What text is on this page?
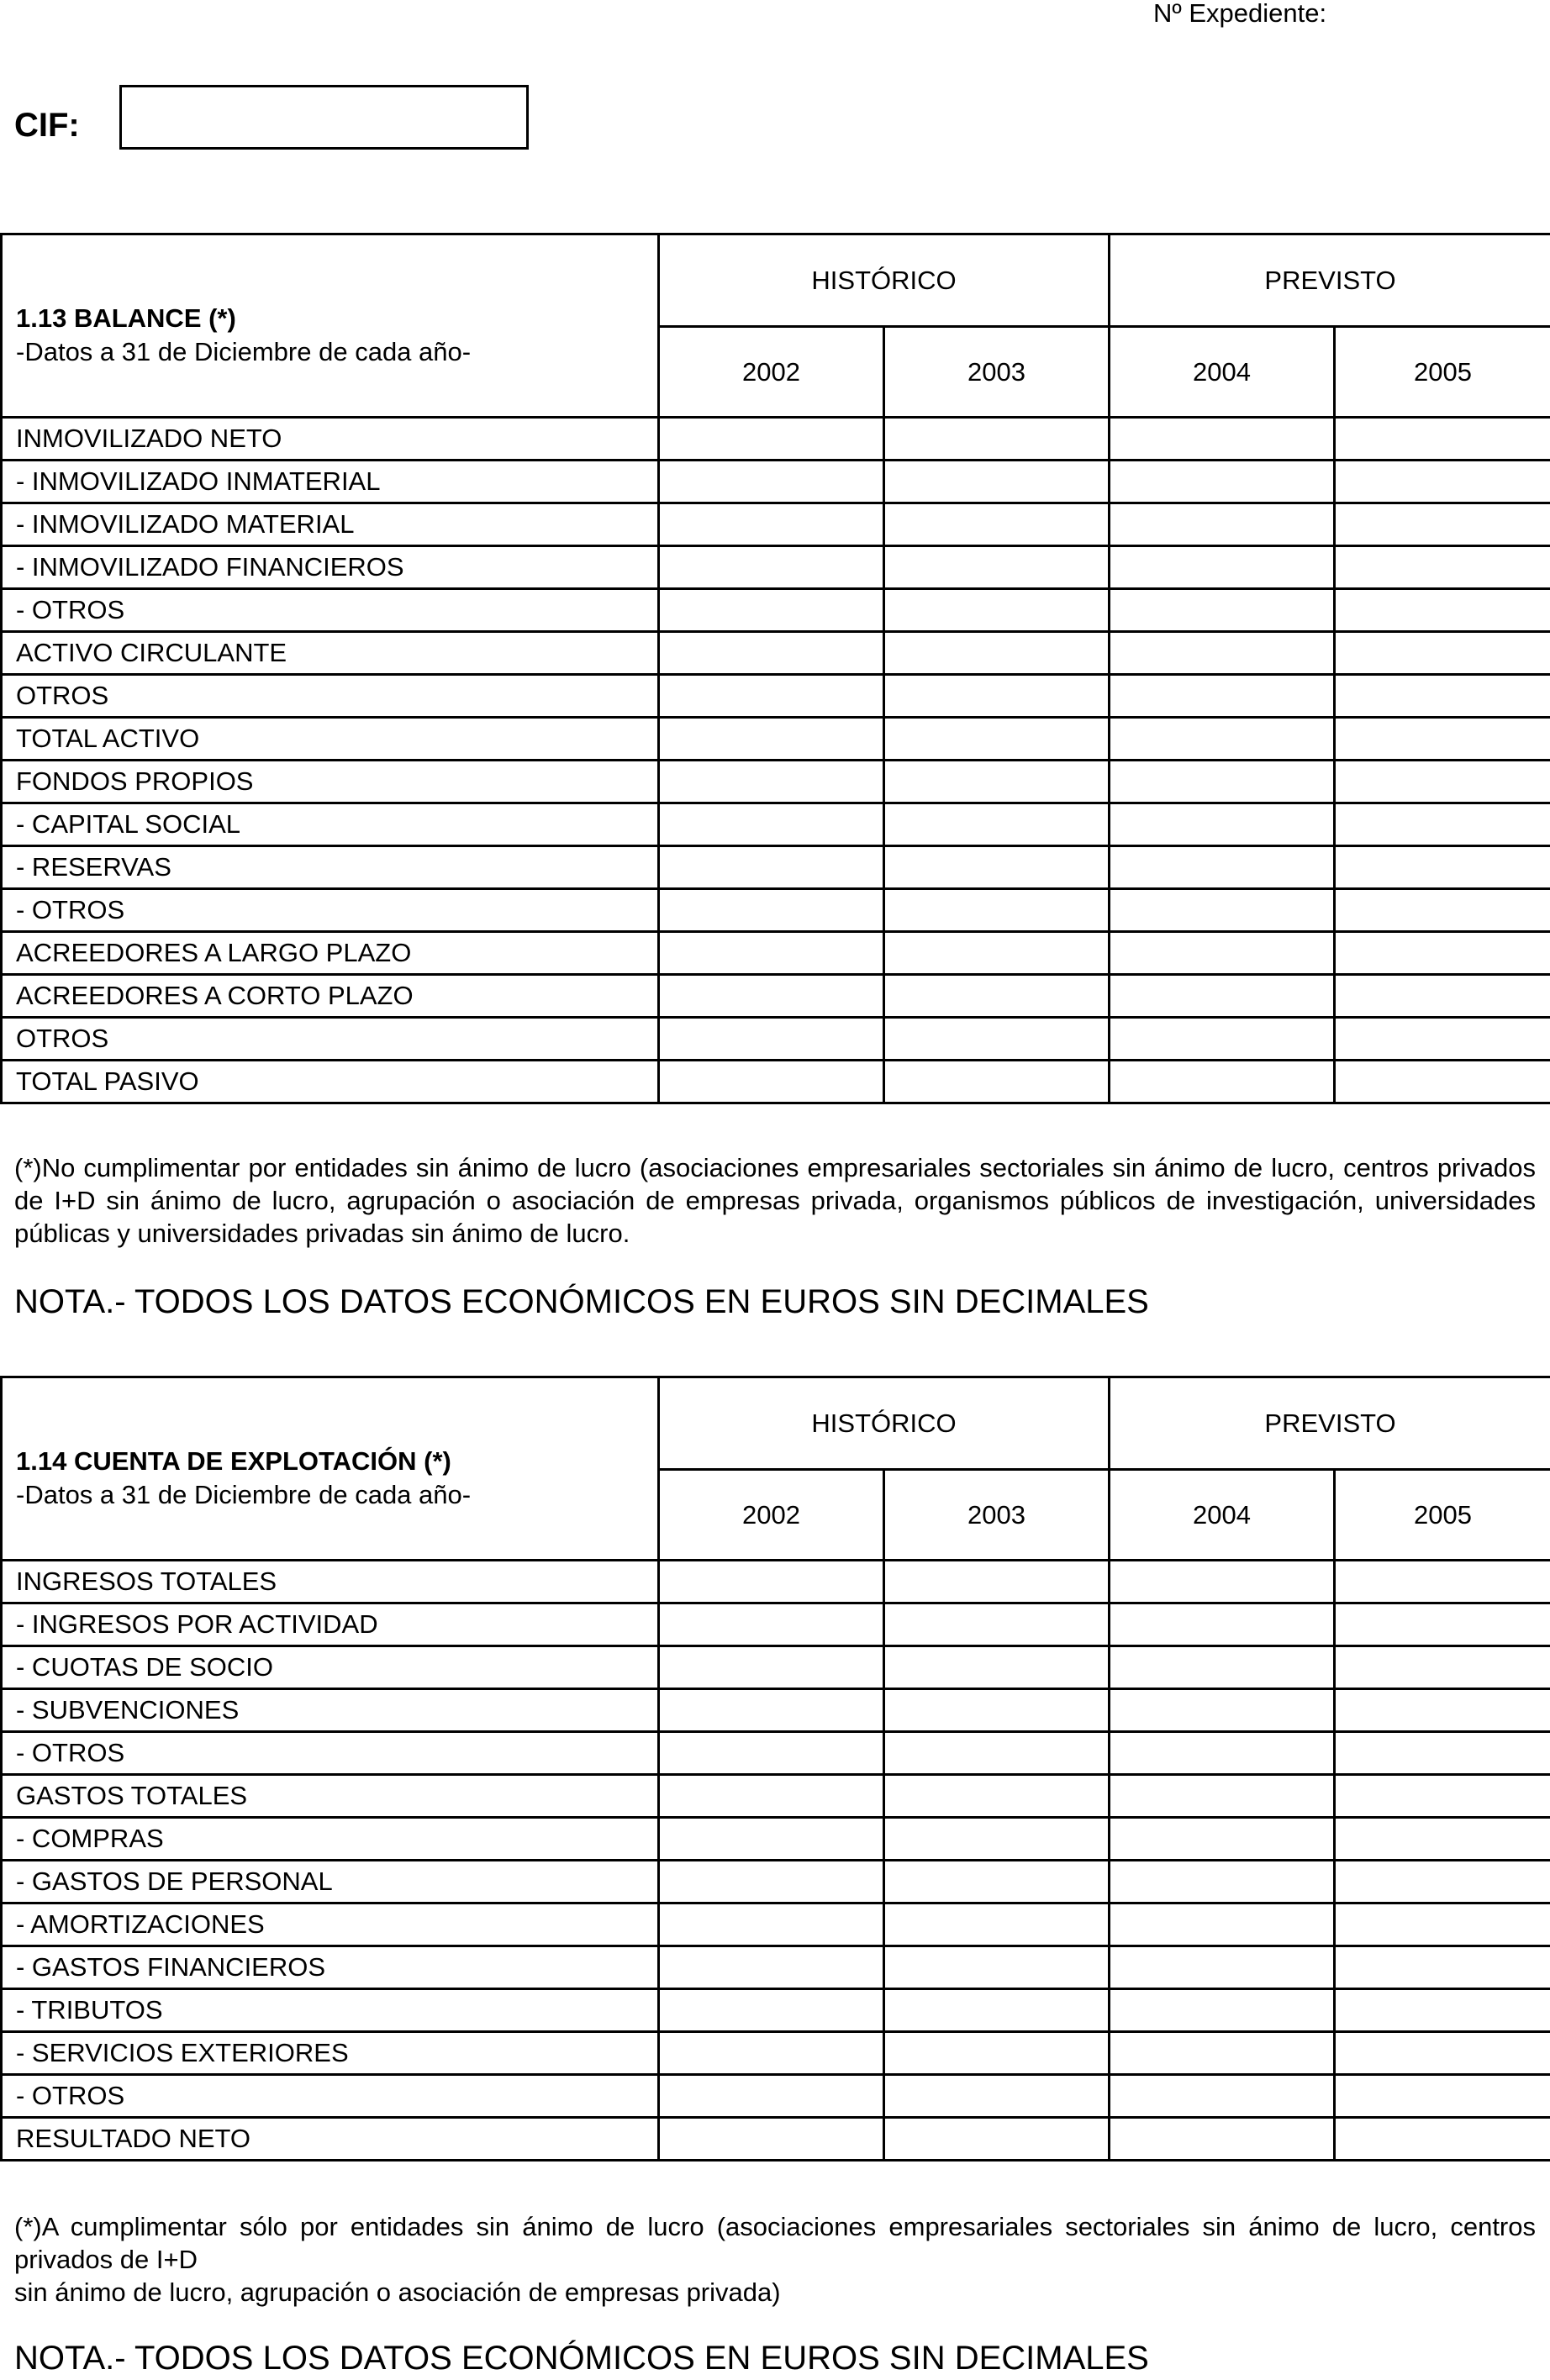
Nº Expediente:
CIF:
1.13 BALANCE (*)
-Datos a 31 de Diciembre de cada año-	HISTÓRICO		PREVISTO	
	2002	2003	2004	2005
INMOVILIZADO NETO				
- INMOVILIZADO INMATERIAL				
- INMOVILIZADO MATERIAL				
- INMOVILIZADO FINANCIEROS				
- OTROS				
ACTIVO CIRCULANTE				
OTROS				
TOTAL ACTIVO				
FONDOS PROPIOS				
- CAPITAL SOCIAL				
- RESERVAS				
- OTROS				
ACREEDORES A LARGO PLAZO				
ACREEDORES A CORTO PLAZO				
OTROS				
TOTAL PASIVO				
(*)No cumplimentar por entidades sin ánimo de lucro (asociaciones empresariales sectoriales sin ánimo de lucro, centros privados de I+D sin ánimo de lucro, agrupación o asociación de empresas privada, organismos públicos de investigación, universidades públicas y universidades privadas sin ánimo de lucro.
NOTA.- TODOS LOS DATOS ECONÓMICOS EN EUROS SIN DECIMALES
1.14 CUENTA DE EXPLOTACIÓN (*)
-Datos a 31 de Diciembre de cada año-	HISTÓRICO		PREVISTO	
	2002	2003	2004	2005
INGRESOS TOTALES				
- INGRESOS POR ACTIVIDAD				
- CUOTAS DE SOCIO				
- SUBVENCIONES				
- OTROS				
GASTOS TOTALES				
- COMPRAS				
- GASTOS DE PERSONAL				
- AMORTIZACIONES				
- GASTOS FINANCIEROS				
- TRIBUTOS				
- SERVICIOS EXTERIORES				
- OTROS				
RESULTADO NETO				
(*)A cumplimentar sólo por entidades sin ánimo de lucro (asociaciones empresariales sectoriales sin ánimo de lucro, centros privados de I+D
sin ánimo de lucro, agrupación o asociación de empresas privada)
NOTA.- TODOS LOS DATOS ECONÓMICOS EN EUROS SIN DECIMALES
